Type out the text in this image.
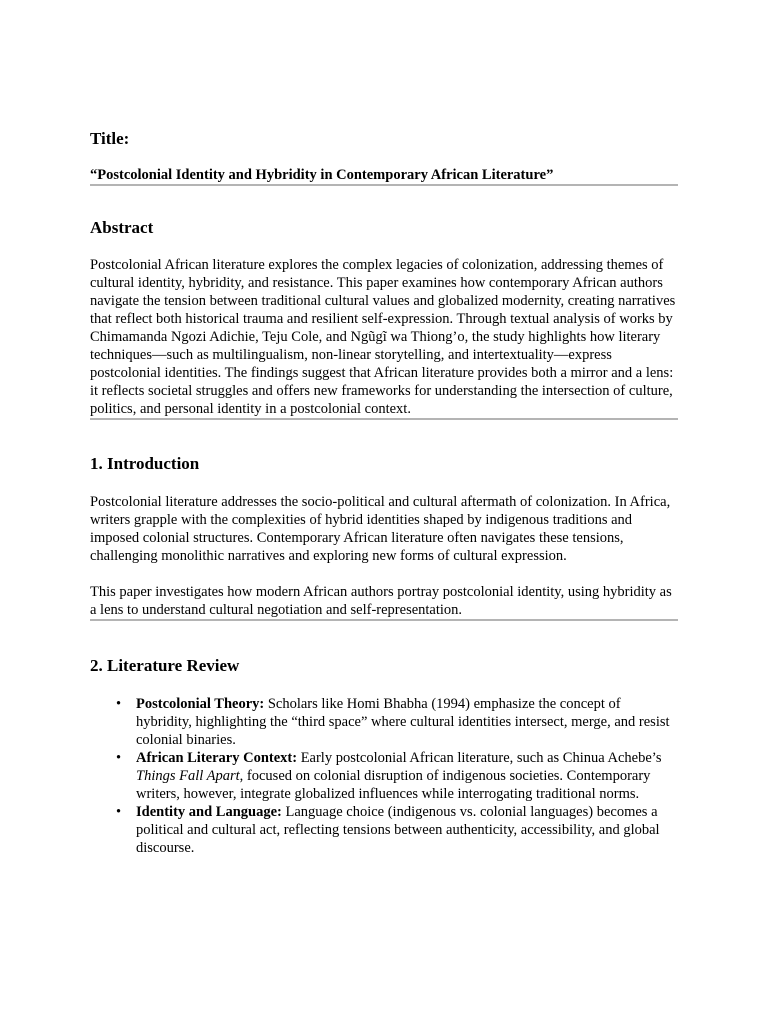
Title:

“Postcolonial Identity and Hybridity in Contemporary African Literature”

Abstract

Postcolonial African literature explores the complex legacies of colonization, addressing themes of cultural identity, hybridity, and resistance. This paper examines how contemporary African authors navigate the tension between traditional cultural values and globalized modernity, creating narratives that reflect both historical trauma and resilient self-expression. Through textual analysis of works by Chimamanda Ngozi Adichie, Teju Cole, and Ngũgĩ wa Thiong’o, the study highlights how literary techniques—such as multilingualism, non-linear storytelling, and intertextuality—express postcolonial identities. The findings suggest that African literature provides both a mirror and a lens: it reflects societal struggles and offers new frameworks for understanding the intersection of culture, politics, and personal identity in a postcolonial context.

1. Introduction

Postcolonial literature addresses the socio-political and cultural aftermath of colonization. In Africa, writers grapple with the complexities of hybrid identities shaped by indigenous traditions and imposed colonial structures. Contemporary African literature often navigates these tensions, challenging monolithic narratives and exploring new forms of cultural expression.

This paper investigates how modern African authors portray postcolonial identity, using hybridity as a lens to understand cultural negotiation and self-representation.

2. Literature Review
• Postcolonial Theory: Scholars like Homi Bhabha (1994) emphasize the concept of hybridity, highlighting the “third space” where cultural identities intersect, merge, and resist colonial binaries.
• African Literary Context: Early postcolonial African literature, such as Chinua Achebe’s Things Fall Apart, focused on colonial disruption of indigenous societies. Contemporary writers, however, integrate globalized influences while interrogating traditional norms.
• Identity and Language: Language choice (indigenous vs. colonial languages) becomes a political and cultural act, reflecting tensions between authenticity, accessibility, and global discourse.
